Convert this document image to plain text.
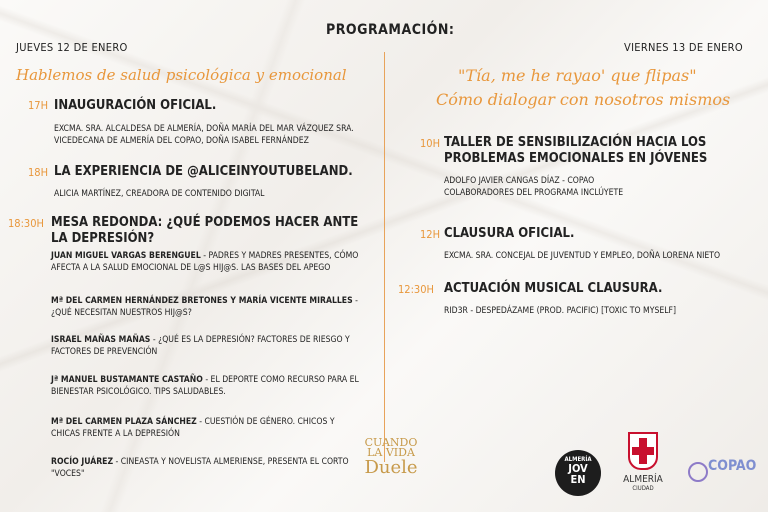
PROGRAMACIÓN:
JUEVES 12 DE ENERO
Hablemos de salud psicológica y emocional
17H INAUGURACIÓN OFICIAL.
EXCMA. SRA. ALCALDESA DE ALMERÍA, DOÑA MARÍA DEL MAR VÁZQUEZ SRA. VICEDECANA DE ALMERÍA DEL COPAO, DOÑA ISABEL FERNÁNDEZ
18H LA EXPERIENCIA DE @ALICEINYOUTUBELAND.
ALICIA MARTÍNEZ, CREADORA DE CONTENIDO DIGITAL
18:30H MESA REDONDA: ¿QUÉ PODEMOS HACER ANTE LA DEPRESIÓN?
JUAN MIGUEL VARGAS BERENGUEL - PADRES Y MADRES PRESENTES, CÓMO AFECTA A LA SALUD EMOCIONAL DE L@S HIJ@S. LAS BASES DEL APEGO
Mª DEL CARMEN HERNÁNDEZ BRETONES Y MARÍA VICENTE MIRALLES - ¿QUÉ NECESITAN NUESTROS HIJ@S?
ISRAEL MAÑAS MAÑAS - ¿QUÉ ES LA DEPRESIÓN? FACTORES DE RIESGO Y FACTORES DE PREVENCIÓN
Jª MANUEL BUSTAMANTE CASTAÑO - EL DEPORTE COMO RECURSO PARA EL BIENESTAR PSICOLÓGICO. TIPS SALUDABLES.
Mª DEL CARMEN PLAZA SÁNCHEZ - CUESTIÓN DE GÉNERO. CHICOS Y CHICAS FRENTE A LA DEPRESIÓN
ROCÍO JUÁREZ - CINEASTA Y NOVELISTA ALMERIENSE, PRESENTA EL CORTO "VOCES"
VIERNES 13 DE ENERO
"Tía, me he rayao' que flipas"
Cómo dialogar con nosotros mismos
10H TALLER DE SENSIBILIZACIÓN HACIA LOS PROBLEMAS EMOCIONALES EN JÓVENES
ADOLFO JAVIER CANGAS DÍAZ - COPAO
COLABORADORES DEL PROGRAMA INCLÚYETE
12H CLAUSURA OFICIAL.
EXCMA. SRA. CONCEJAL DE JUVENTUD Y EMPLEO, DOÑA LORENA NIETO
12:30H ACTUACIÓN MUSICAL CLAUSURA.
RID3R - DESPEDÁZAME (PROD. PACIFIC) [TOXIC TO MYSELF]
CUANDO
LA VIDA
Duele	ALMERÍA
JOV
EN	ALMERÍA
CIUDAD
COPAO
